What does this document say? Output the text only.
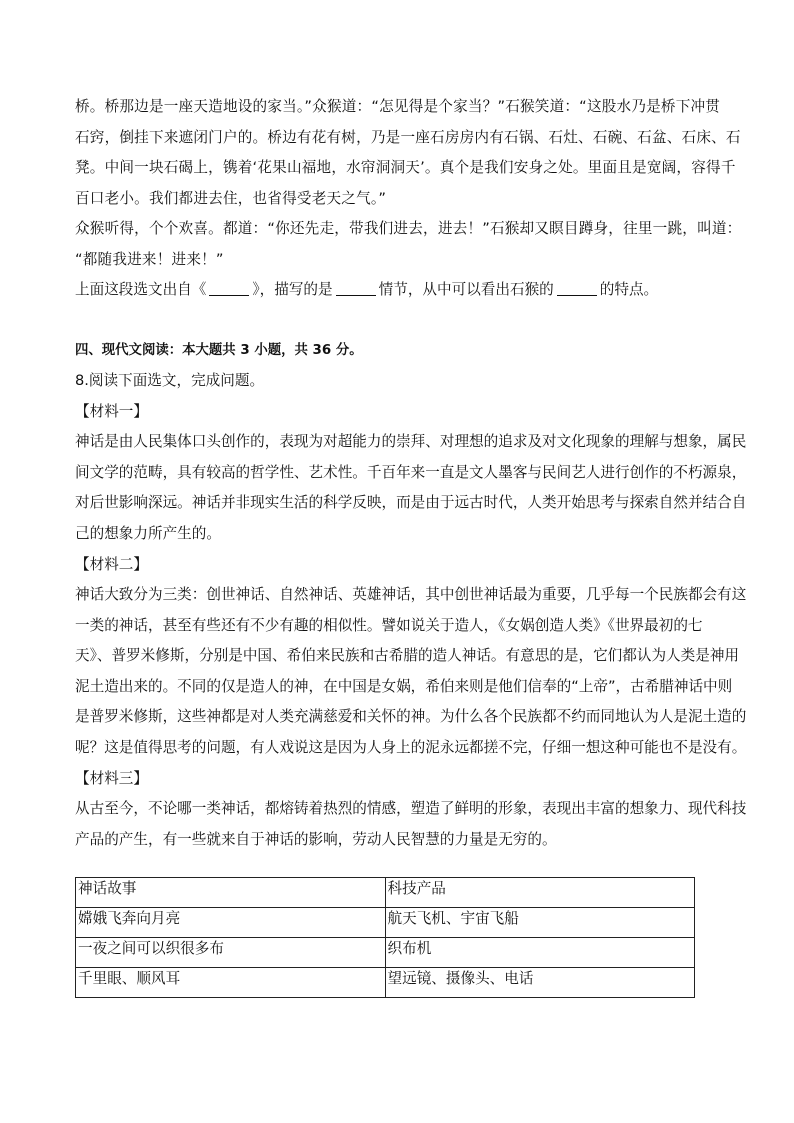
桥。桥那边是一座天造地设的家当。”众猴道：“怎见得是个家当？”石猴笑道：“这股水乃是桥下冲贯

石窍，倒挂下来遮闭门户的。桥边有花有树，乃是一座石房房内有石锅、石灶、石碗、石盆、石床、石

凳。中间一块石碣上，镌着‘花果山福地，水帘洞洞天’。真个是我们安身之处。里面且是宽阔，容得千

百口老小。我们都进去住，也省得受老天之气。”

众猴听得，个个欢喜。都道：“你还先走，带我们进去，进去！”石猴却又瞑目蹲身，往里一跳，叫道：

“都随我进来！进来！”

上面这段选文出自《	》，描写的是	情节，从中可以看出石猴的	的特点。

四、现代文阅读：本大题共 3 小题，共 36 分。

8.阅读下面选文，完成问题。

【材料一】

神话是由人民集体口头创作的，表现为对超能力的崇拜、对理想的追求及对文化现象的理解与想象，属民

间文学的范畴，具有较高的哲学性、艺术性。千百年来一直是文人墨客与民间艺人进行创作的不朽源泉，

对后世影响深远。神话并非现实生活的科学反映，而是由于远古时代，人类开始思考与探索自然并结合自

己的想象力所产生的。

【材料二】

神话大致分为三类：创世神话、自然神话、英雄神话，其中创世神话最为重要，几乎每一个民族都会有这

一类的神话，甚至有些还有不少有趣的相似性。譬如说关于造人，《女娲创造人类》《世界最初的七

天》、普罗米修斯，分别是中国、希伯来民族和古希腊的造人神话。有意思的是，它们都认为人类是神用

泥土造出来的。不同的仅是造人的神，在中国是女娲，希伯来则是他们信奉的“上帝”，古希腊神话中则

是普罗米修斯，这些神都是对人类充满慈爱和关怀的神。为什么各个民族都不约而同地认为人是泥土造的

呢？这是值得思考的问题，有人戏说这是因为人身上的泥永远都搓不完，仔细一想这种可能也不是没有。

【材料三】

从古至今，不论哪一类神话，都熔铸着热烈的情感，塑造了鲜明的形象，表现出丰富的想象力、现代科技

产品的产生，有一些就来自于神话的影响，劳动人民智慧的力量是无穷的。

神话故事	科技产品
嫦娥飞奔向月亮	航天飞机、宇宙飞船
一夜之间可以织很多布	织布机
千里眼、顺风耳	望远镜、摄像头、电话
